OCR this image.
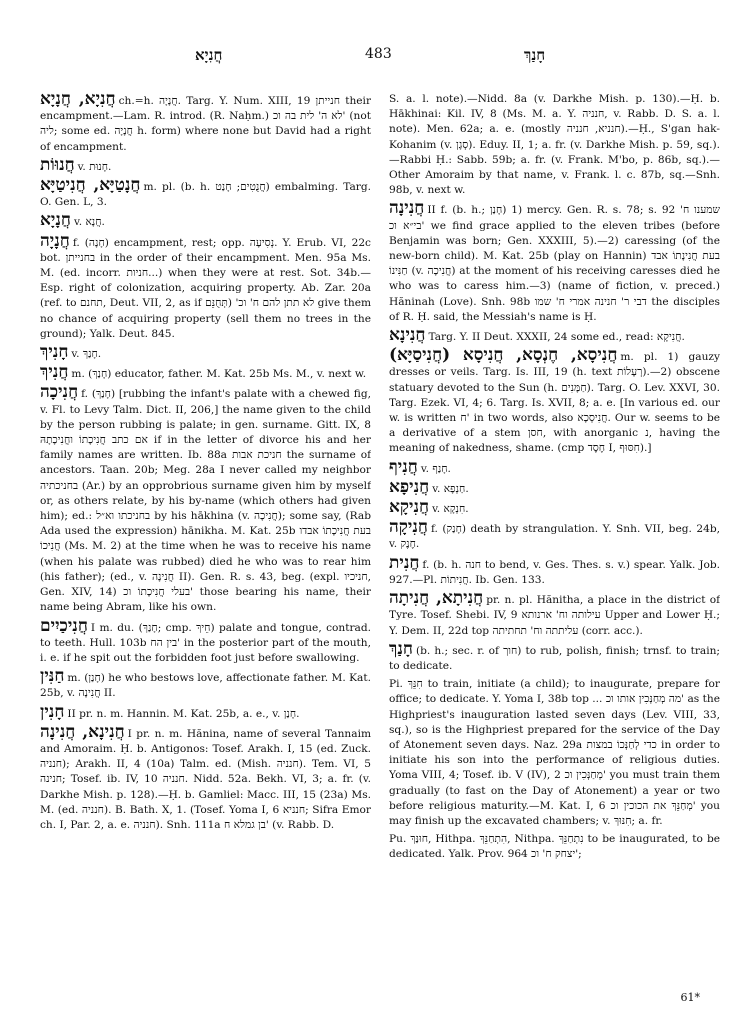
חֲנִיָא	483	חָנַךְ

חֲנִיָא, חֲנָיָא ch.=h. חֲנָיָה. Targ. Y. Num. XIII, 19 חנייתן their encampment.—Lam. R. introd. (R. Naḥm.) לא ה' לית בה וכ' (not ליה; some ed. חֲנָיָה h. form) where none but David had a right of encampment.

חֲנוּוֹת v. חָנוּת.

חֲנָטַיָּא, חֲנִיטַיָּא m. pl. (b. h. חֲנֻטִים; חָנַט) embalming. Targ. O. Gen. L, 3.

חֲנָיָא v. חֲנָא.

חֲנָיָה f. (חָנָה) encampment, rest; opp. נְסִיעָה. Y. Erub. VI, 22c bot. בחנייתן in the order of their encampment. Men. 95a Ms. M. (ed. incorr. חניות...) when they were at rest. Sot. 34b.—Esp. right of colonization, acquiring property. Ab. Zar. 20a (ref. to תחנם, Deut. VII, 2, as if לא תתן להם ח' וכ' (תְּחֻנֵּם give them no chance of acquiring property (sell them no trees in the ground); Yalk. Deut. 845.

חָנִיךְ v. חָנַךְ.

חֲנִיךְ m. (חָנַךְ) educator, father. M. Kat. 25b Ms. M., v. next w.

חֲנִיכָה f. (חָנַךְ) [rubbing the infant's palate with a chewed fig, v. Fl. to Levy Talm. Dict. II, 206,] the name given to the child by the person rubbing is palate; in gen. surname. Gitt. IX, 8 אם כתב חֲנִיכָתוֹ וחֲנִיכָתָהּ if in the letter of divorce his and her family names are written. Ib. 88a חניכת אבות the surname of ancestors. Taan. 20b; Meg. 28a I never called my neighbor בחניכתיה (Ar.) by an opprobrious surname given him by myself or, as others relate, by his by-name (which others had given him); ed.: בחניכתו וא״ל by his hākhina (v. חֲנִיכָה); some say, (Rab Ada used the expression) hānikha. M. Kat. 25b בעת חֲנִיכָתוֹ אבדו חֲנִיכוֹ (Ms. M. 2) at the time when he was to receive his name (when his palate was rubbed) died he who was to rear him (his father); (ed., v. חֲנִינָה II). Gen. R. s. 43, beg. (expl. חניכיו, Gen. XIV, 14) בעלי חֲנִיכָתוֹ וכ' those bearing his name, their name being Abram, like his own.

חֲנִיכַיִים I m. du. (חָנַךְ; cmp. חֵיךְ) palate and tongue, contrad. to teeth. Hull. 103b בין הח' in the posterior part of the mouth, i. e. if he spit out the forbidden foot just before swallowing.

חַנִּין m. (חָנַן) he who bestows love, affectionate father. M. Kat. 25b, v. חֲנִינָה II.

חָנִין II pr. n. m. Hannin. M. Kat. 25b, a. e., v. חָנַן.

חֲנִינָא, חֲנִינָה I pr. n. m. Hănina, name of several Tannaim and Amoraim. Ḥ. b. Antigonos: Tosef. Arakh. I, 15 (ed. Zuck. חנניה); Arakh. II, 4 (10a) Talm. ed. (Mish. חנניה). Tem. VI, 5 חנינה; Tosef. ib. IV, 10 חנניה. Nidd. 52a. Bekh. VI, 3; a. fr. (v. Darkhe Mish. p. 128).—Ḥ. b. Gamliel: Macc. III, 15 (23a) Ms. M. (ed. חנניה). B. Bath. X, 1. (Tosef. Yoma I, 6 חנניא; Sifra Emor ch. I, Par. 2, a. e. חנניה). Snh. 111a בן גמלא ח' (v. Rabb. D.

S. a. l. note).—Nidd. 8a (v. Darkhe Mish. p. 130).—Ḥ. b. Hākhinai: Kil. IV, 8 (Ms. M. a. Y. חנניה, v. Rabb. D. S. a. l. note). Men. 62a; a. e. (mostly חנניא, חנניה).—Ḥ., S'gan hak-Kohanim (v. סְגָן). Eduy. II, 1; a. fr. (v. Darkhe Mish. p. 59, sq.).—Rabbi Ḥ.: Sabb. 59b; a. fr. (v. Frank. M'bo, p. 86b, sq.).—Other Amoraim by that name, v. Frank. l. c. 87b, sq.—Snh. 98b, v. next w.

חֲנִינָה II f. (b. h.; חָנַן) 1) mercy. Gen. R. s. 78; s. 92 שמענו ח' בי״א וכ' we find grace applied to the eleven tribes (before Benjamin was born; Gen. XXXIII, 5).—2) caressing (of the new-born child). M. Kat. 25b (play on Hannin) בעת חֲנִינָתוֹ אבד חַנִּינוֹ (v. חֲנִיכָה) at the moment of his receiving caresses died he who was to caress him.—3) (name of fiction, v. preced.) Hăninah (Love). Snh. 98b דבי ר' חנינה אמרי ח' שמו the disciples of R. Ḥ. said, the Messiah's name is Ḥ.

חֲנִינָא Targ. Y. II Deut. XXXII, 24 some ed., read: חֲנִיקָא.

חֲנִיסָא, חֶנְסָא, חֲנִיסָא (חֲנִיסַיָּא) m. pl. 1) gauzy dresses or veils. Targ. Is. III, 19 (h. text רְעָלוֹת).—2) obscene statuary devoted to the Sun (h. חַמָּנִים). Targ. O. Lev. XXVI, 30. Targ. Ezek. VI, 4; 6. Targ. Is. XVII, 8; a. e. [In various ed. our w. is written ח' in two words, also חֲנִיסְכָא. Our w. seems to be a derivative of a stem חסן, with anorganic נ, having the meaning of nakedness, shame. (cmp חֶסֶד I, חִסּוּף).]

חֲנִיף v. חָנַף.

חֲנִיפָא v. חַנְפָא.

חֲנִיקָא v. חִנְקָא.

חֲנִיקָה f. (חָנַק) death by strangulation. Y. Snh. VII, beg. 24b, v. חֶנֶק.

חֲנִית f. (b. h. חנה to bend, v. Ges. Thes. s. v.) spear. Yalk. Job. 927.—Pl. חֲנִיתוֹת. Ib. Gen. 133.

חֲנִיתָא, חֲנִיתָה pr. n. pl. Hănitha, a place in the district of Tyre. Tosef. Shebi. IV, 9 עילותה וח' ארנותא Upper and Lower Ḥ.; Y. Dem. II, 22d top עליתתה וח' תחתיתה (corr. acc.).

חָנַךְ (b. h.; sec. r. of חוך) to rub, polish, finish; trnsf. to train; to dedicate.

Pi. חִנֵּךְ to train, initiate (a child); to inaugurate, prepare for office; to dedicate. Y. Yoma I, 38b top ... מה מְחַנְּכִין אותו וכ' as the Highpriest's inauguration lasted seven days (Lev. VIII, 33, sq.), so is the Highpriest prepared for the service of the Day of Atonement seven days. Naz. 29a כדי לְחַנְּכוֹ במצות in order to initiate his son into the performance of religious duties. Yoma VIII, 4; Tosef. ib. V (IV), 2 מְחַנְּכִין וכ' you must train them gradually (to fast on the Day of Atonement) a year or two before religious maturity.—M. Kat. I, 6 מְחַנֵּךְ את הכוכין וכ' you may finish up the excavated chambers; v. חִנּוּךְ; a. fr.

Pu. חוּנַּךְ, Hithpa. הִתְחַנֵּךְ, Nithpa. נִתְחַנֵּךְ to be inaugurated, to be dedicated. Yalk. Prov. 964 יצחק ח' וכ';

61*
